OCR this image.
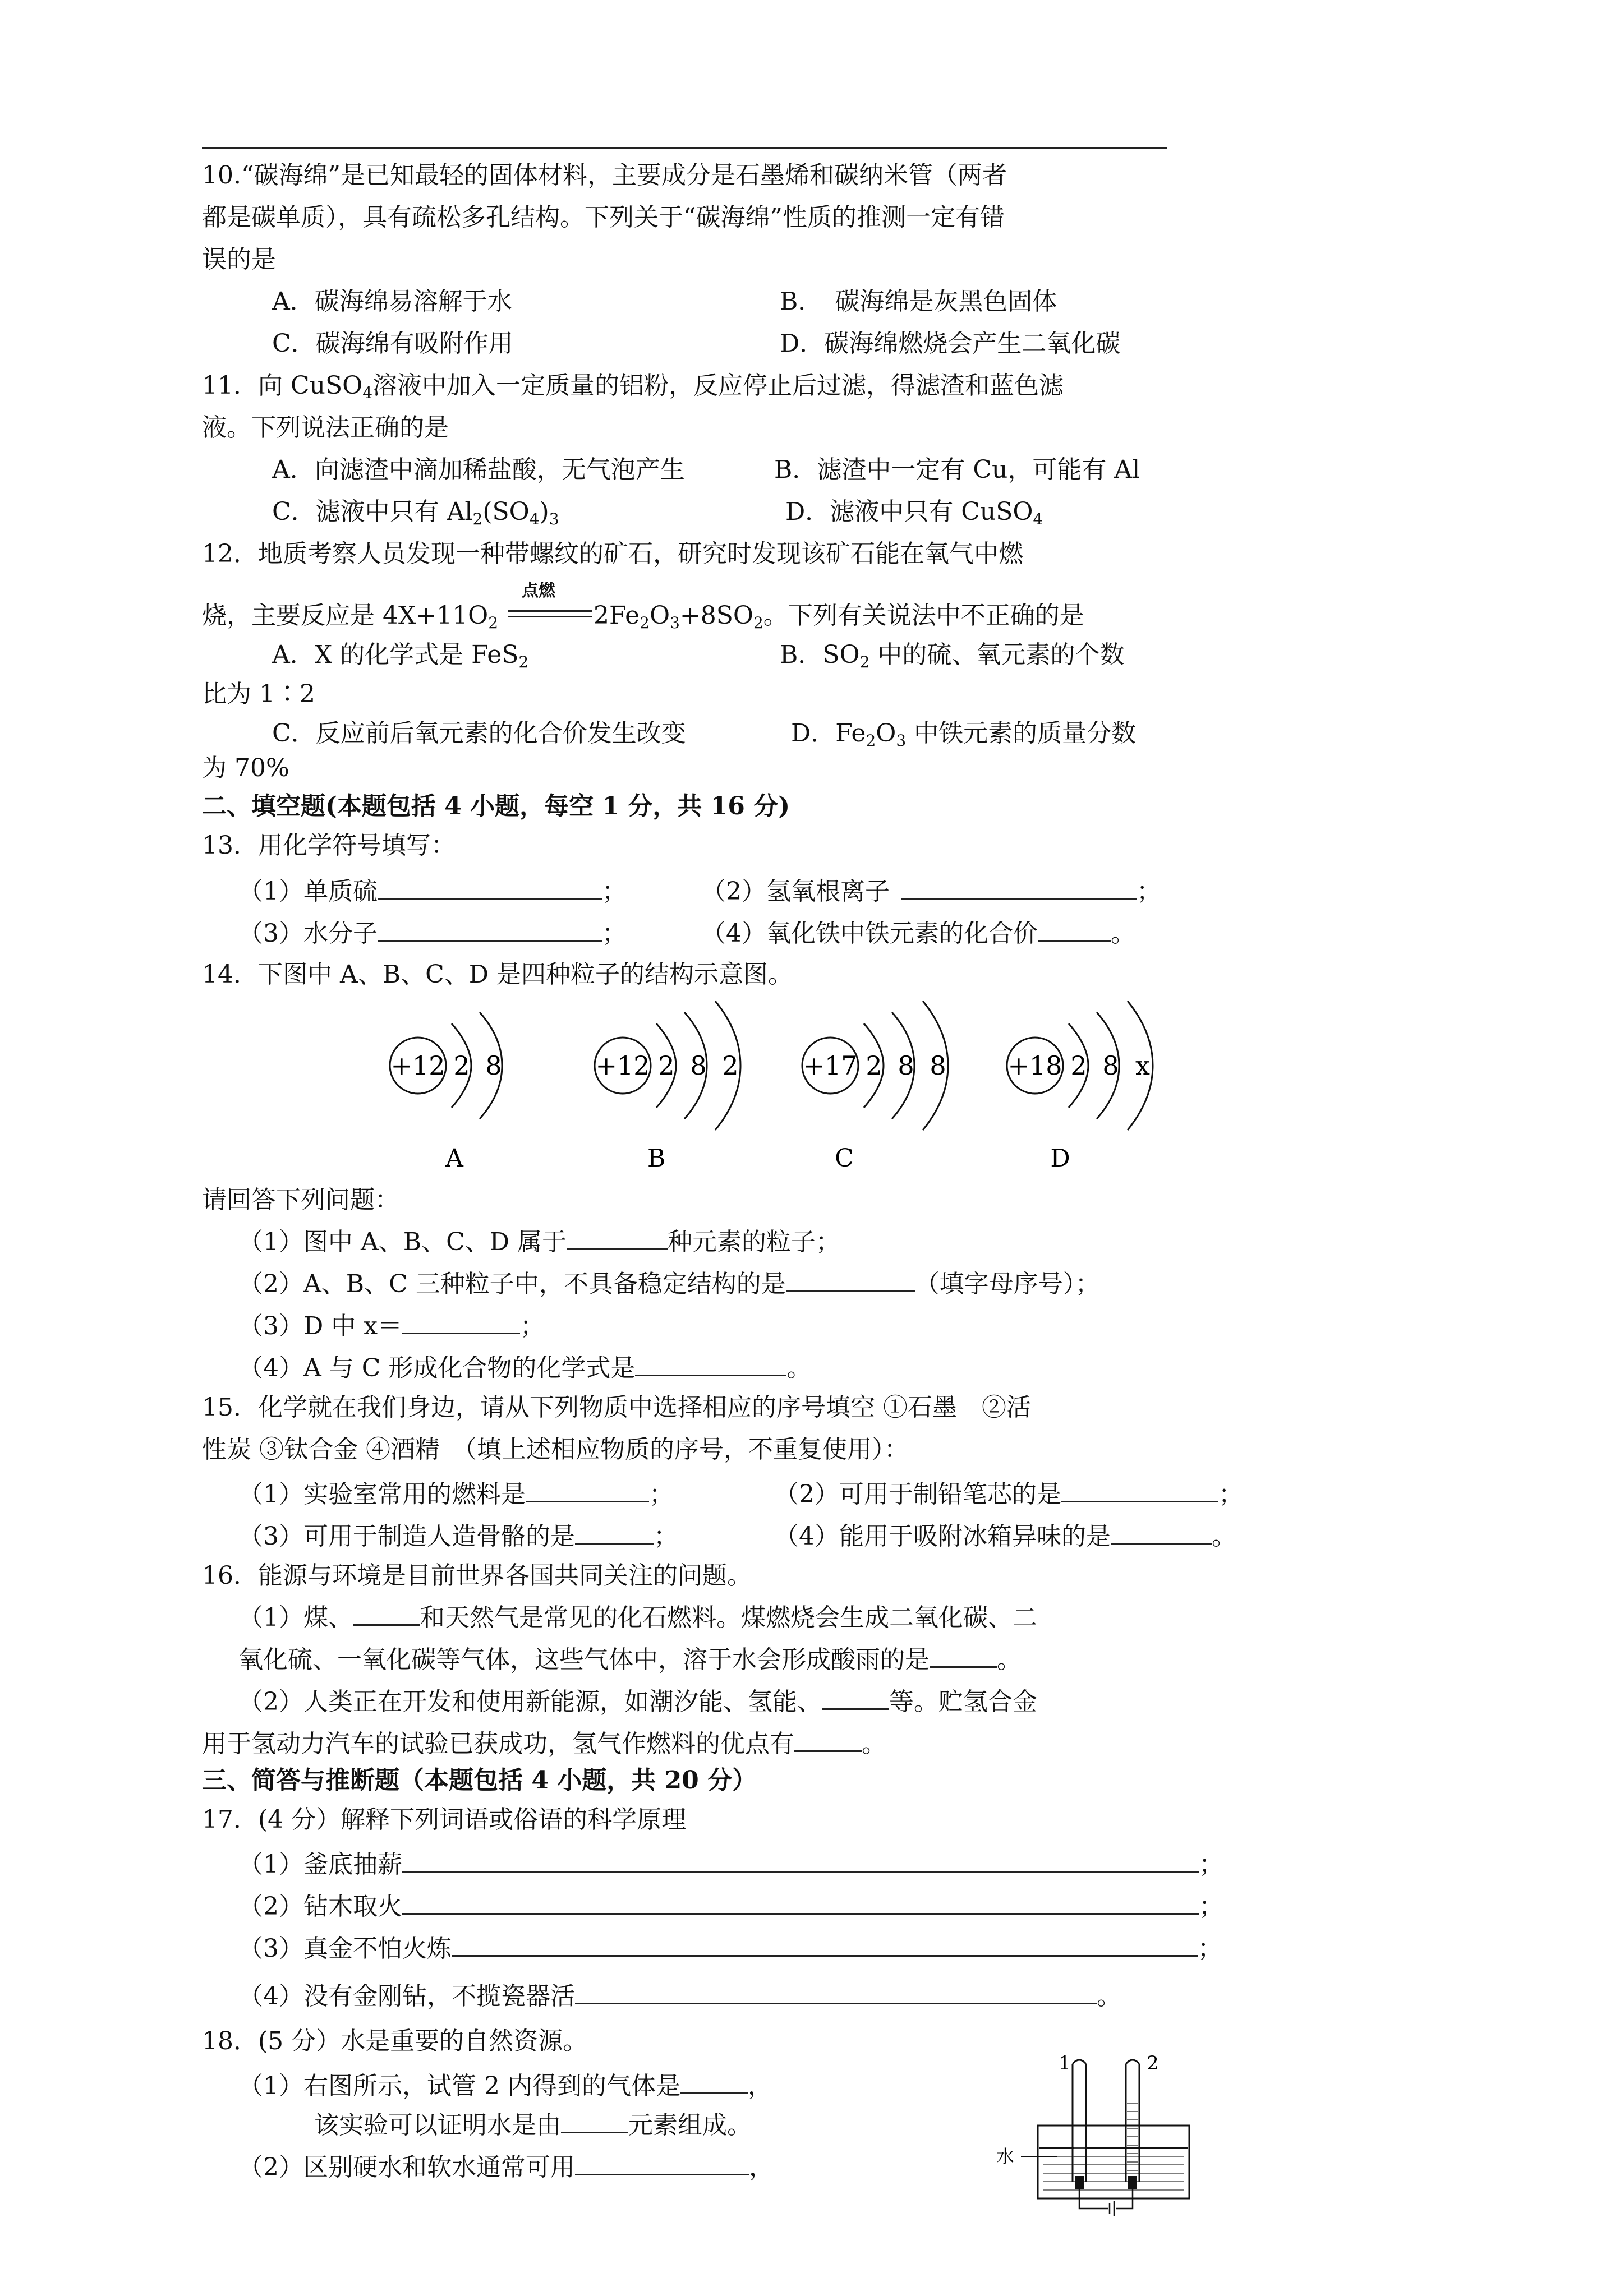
10.“碳海绵”是已知最轻的固体材料，主要成分是石墨烯和碳纳米管（两者
都是碳单质），具有疏松多孔结构。下列关于“碳海绵”性质的推测一定有错
误的是
A．碳海绵易溶解于水	B．　碳海绵是灰黑色固体
C．碳海绵有吸附作用	D．碳海绵燃烧会产生二氧化碳
11．向 CuSO$_4$溶液中加入一定质量的铝粉，反应停止后过滤，得滤渣和蓝色滤
液。下列说法正确的是
A．向滤渣中滴加稀盐酸，无气泡产生	B．滤渣中一定有 Cu，可能有 Al
C．滤液中只有 $Al_2(SO_4)_3$	D．滤液中只有 CuSO$_4$
12．地质考察人员发现一种带螺纹的矿石，研究时发现该矿石能在氧气中燃
烧，主要反应是 $4X+11O_2$
点燃
$2Fe_2O_3+8SO_2$。下列有关说法中不正确的是
A．X 的化学式是 FeS$_2$	B．$SO_2$ 中的硫、氧元素的个数
比为 1∶2
C．反应前后氧元素的化合价发生改变	D．$Fe_2O_3$ 中铁元素的质量分数
为 70%
二、填空题(本题包括 4 小题，每空 1 分，共 16 分)
13．用化学符号填写：
（1）单质硫	；	（2）氢氧根离子	；
（3）水分子	；	（4）氧化铁中铁元素的化合价	。
14．下图中 A、B、C、D 是四种粒子的结构示意图。
+12 2 8	+12 2 8 2 +17 2 8 8 +18 2 8 x
A	B	C	D
请回答下列问题：
（1）图中 A、B、C、D 属于	种元素的粒子；
（2）A、B、C 三种粒子中，不具备稳定结构的是	（填字母序号）；
（3）D 中 x＝	；
（4）A 与 C 形成化合物的化学式是	。
15．化学就在我们身边，请从下列物质中选择相应的序号填空 ①石墨　②活
性炭 ③钛合金 ④酒精　（填上述相应物质的序号，不重复使用）：
（1）实验室常用的燃料是	；	（2）可用于制铅笔芯的是	；
（3）可用于制造人造骨骼的是	；	（4）能用于吸附冰箱异味的是	。
16．能源与环境是目前世界各国共同关注的问题。
（1）煤、	和天然气是常见的化石燃料。煤燃烧会生成二氧化碳、二
氧化硫、一氧化碳等气体，这些气体中，溶于水会形成酸雨的是	。
（2）人类正在开发和使用新能源，如潮汐能、氢能、	等。贮氢合金
用于氢动力汽车的试验已获成功，氢气作燃料的优点有	。
三、简答与推断题（本题包括 4 小题，共 20 分）
17．(4 分）解释下列词语或俗语的科学原理
（1）釜底抽薪	；
（2）钻木取火	；
（3）真金不怕火炼	；
（4）没有金刚钻，不揽瓷器活	。
18．(5 分）水是重要的自然资源。
（1）右图所示，试管 2 内得到的气体是	，
该实验可以证明水是由	元素组成。
（2）区别硬水和软水通常可用	，
1	2
水
